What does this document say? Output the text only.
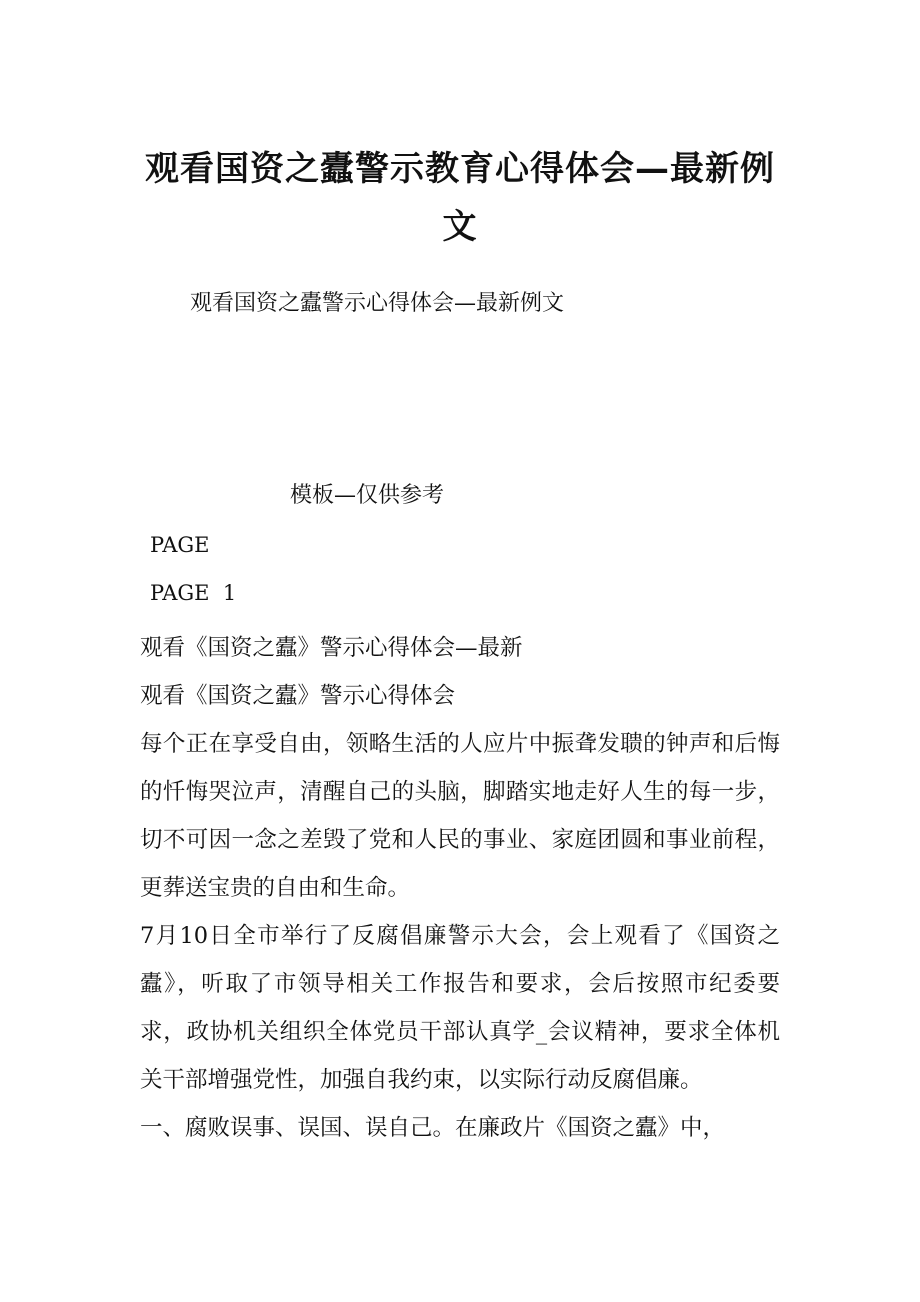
观看国资之蠹警示教育心得体会—最新例文

观看国资之蠹警示心得体会—最新例文

模板—仅供参考

PAGE

PAGE  1

观看《国资之蠹》警示心得体会—最新

观看《国资之蠹》警示心得体会

每个正在享受自由，领略生活的人应片中振聋发聩的钟声和后悔的忏悔哭泣声，清醒自己的头脑，脚踏实地走好人生的每一步，切不可因一念之差毁了党和人民的事业、家庭团圆和事业前程，更葬送宝贵的自由和生命。

7月10日全市举行了反腐倡廉警示大会，会上观看了《国资之蠹》，听取了市领导相关工作报告和要求，会后按照市纪委要求，政协机关组织全体党员干部认真学_会议精神，要求全体机关干部增强党性，加强自我约束，以实际行动反腐倡廉。

一、腐败误事、误国、误自己。在廉政片《国资之蠹》中，
